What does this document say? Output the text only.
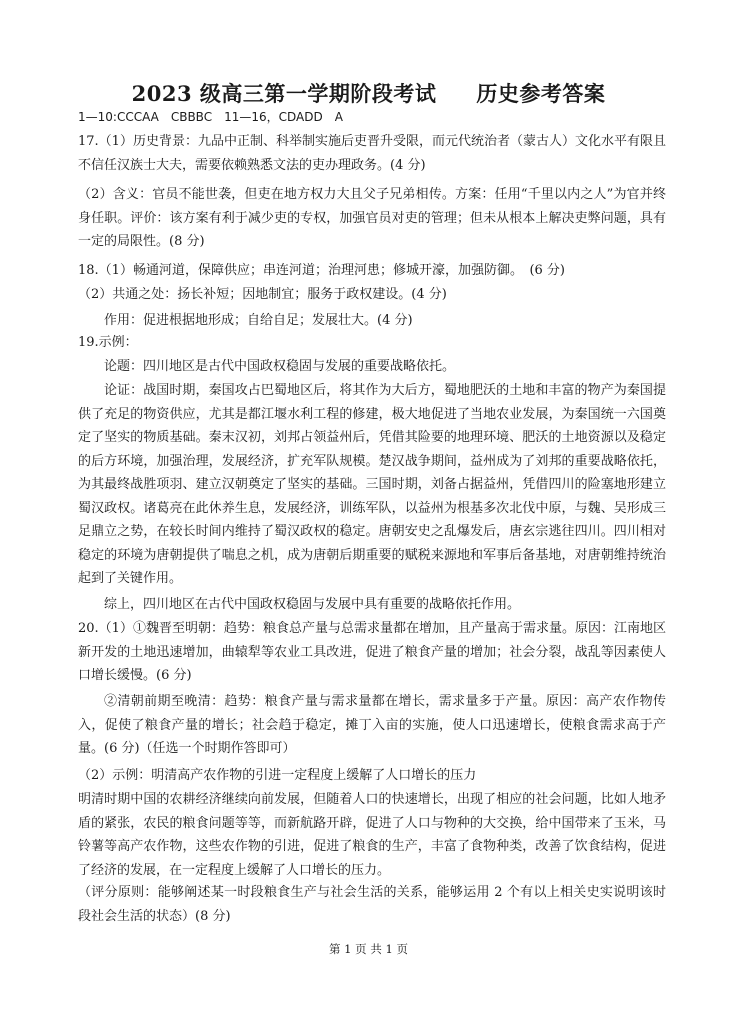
2023 级高三第一学期阶段考试 历史参考答案
1—10:CCCAA　CBBBC　11—16，CDADD　A
17.（1）历史背景：九品中正制、科举制实施后吏晋升受限，而元代统治者（蒙古人）文化水平有限且不信任汉族士大夫，需要依赖熟悉文法的吏办理政务。(4 分)
（2）含义：官员不能世袭，但吏在地方权力大且父子兄弟相传。方案：任用“千里以内之人”为官并终身任职。评价：该方案有利于减少吏的专权，加强官员对吏的管理；但未从根本上解决吏弊问题，具有一定的局限性。(8 分)
18.（1）畅通河道，保障供应；串连河道；治理河患；修城开濠，加强防御。　(6 分)
（2）共通之处：扬长补短；因地制宜；服务于政权建设。(4 分)
作用：促进根据地形成；自给自足；发展壮大。(4 分)
19.示例：
论题：四川地区是古代中国政权稳固与发展的重要战略依托。
论证：战国时期，秦国攻占巴蜀地区后，将其作为大后方，蜀地肥沃的土地和丰富的物产为秦国提供了充足的物资供应，尤其是都江堰水利工程的修建，极大地促进了当地农业发展，为秦国统一六国奠定了坚实的物质基础。秦末汉初，刘邦占领益州后，凭借其险要的地理环境、肥沃的土地资源以及稳定的后方环境，加强治理，发展经济，扩充军队规模。楚汉战争期间，益州成为了刘邦的重要战略依托，为其最终战胜项羽、建立汉朝奠定了坚实的基础。三国时期，刘备占据益州，凭借四川的险塞地形建立蜀汉政权。诸葛亮在此休养生息，发展经济，训练军队，以益州为根基多次北伐中原，与魏、吴形成三足鼎立之势，在较长时间内维持了蜀汉政权的稳定。唐朝安史之乱爆发后，唐玄宗逃往四川。四川相对稳定的环境为唐朝提供了喘息之机，成为唐朝后期重要的赋税来源地和军事后备基地，对唐朝维持统治起到了关键作用。
综上，四川地区在古代中国政权稳固与发展中具有重要的战略依托作用。
20.（1）①魏晋至明朝：趋势：粮食总产量与总需求量都在增加，且产量高于需求量。原因：江南地区新开发的土地迅速增加，曲辕犁等农业工具改进，促进了粮食产量的增加；社会分裂，战乱等因素使人口增长缓慢。(6 分)
②清朝前期至晚清：趋势：粮食产量与需求量都在增长，需求量多于产量。原因：高产农作物传入，促使了粮食产量的增长；社会趋于稳定，摊丁入亩的实施，使人口迅速增长，使粮食需求高于产量。(6 分)（任选一个时期作答即可）
（2）示例：明清高产农作物的引进一定程度上缓解了人口增长的压力
明清时期中国的农耕经济继续向前发展，但随着人口的快速增长，出现了相应的社会问题，比如人地矛盾的紧张，农民的粮食问题等等，而新航路开辟，促进了人口与物种的大交换，给中国带来了玉米，马铃薯等高产农作物，这些农作物的引进，促进了粮食的生产，丰富了食物种类，改善了饮食结构，促进了经济的发展，在一定程度上缓解了人口增长的压力。
（评分原则：能够阐述某一时段粮食生产与社会生活的关系，能够运用 2 个有以上相关史实说明该时段社会生活的状态）(8 分)
第 1 页 共 1 页
